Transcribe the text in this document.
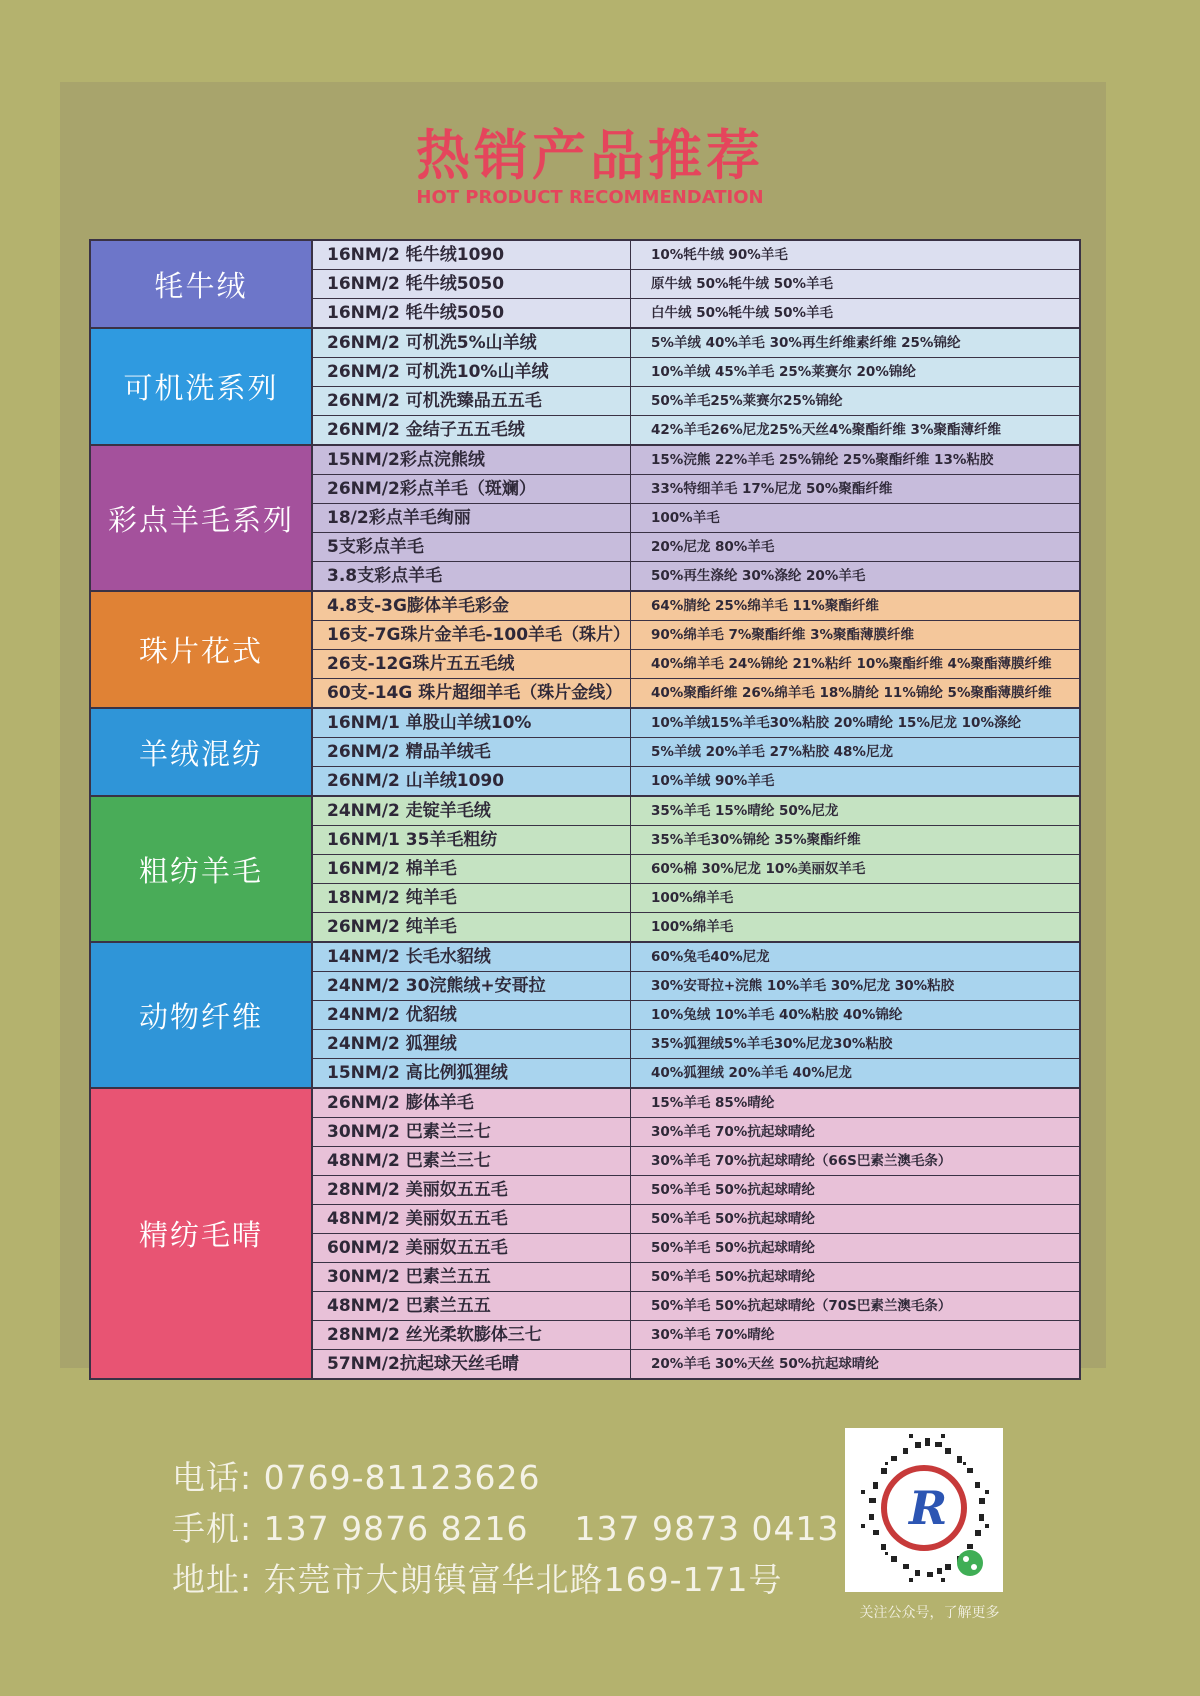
热销产品推荐
HOT PRODUCT RECOMMENDATION
牦牛绒
16NM/2 牦牛绒1090	10%牦牛绒 90%羊毛
16NM/2 牦牛绒5050	原牛绒 50%牦牛绒 50%羊毛
16NM/2 牦牛绒5050	白牛绒 50%牦牛绒 50%羊毛
可机洗系列
26NM/2 可机洗5%山羊绒	5%羊绒 40%羊毛 30%再生纤维素纤维 25%锦纶
26NM/2 可机洗10%山羊绒	10%羊绒 45%羊毛 25%莱赛尔 20%锦纶
26NM/2 可机洗臻品五五毛	50%羊毛25%莱赛尔25%锦纶
26NM/2 金结子五五毛绒	42%羊毛26%尼龙25%天丝4%聚酯纤维 3%聚酯薄纤维
彩点羊毛系列
15NM/2彩点浣熊绒	15%浣熊 22%羊毛 25%锦纶 25%聚酯纤维 13%粘胶
26NM/2彩点羊毛（斑斓）	33%特细羊毛 17%尼龙 50%聚酯纤维
18/2彩点羊毛绚丽	100%羊毛
5支彩点羊毛	20%尼龙 80%羊毛
3.8支彩点羊毛	50%再生涤纶 30%涤纶 20%羊毛
珠片花式
4.8支-3G膨体羊毛彩金	64%腈纶 25%绵羊毛 11%聚酯纤维
16支-7G珠片金羊毛-100羊毛（珠片）	90%绵羊毛 7%聚酯纤维 3%聚酯薄膜纤维
26支-12G珠片五五毛绒	40%绵羊毛 24%锦纶 21%粘纤 10%聚酯纤维 4%聚酯薄膜纤维
60支-14G 珠片超细羊毛（珠片金线）	40%聚酯纤维 26%绵羊毛 18%腈纶 11%锦纶 5%聚酯薄膜纤维
羊绒混纺
16NM/1 单股山羊绒10%	10%羊绒15%羊毛30%粘胶 20%晴纶 15%尼龙 10%涤纶
26NM/2 精品羊绒毛	5%羊绒 20%羊毛 27%粘胶 48%尼龙
26NM/2 山羊绒1090	10%羊绒 90%羊毛
粗纺羊毛
24NM/2 走锭羊毛绒	35%羊毛 15%晴纶 50%尼龙
16NM/1 35羊毛粗纺	35%羊毛30%锦纶 35%聚酯纤维
16NM/2 棉羊毛	60%棉 30%尼龙 10%美丽奴羊毛
18NM/2 纯羊毛	100%绵羊毛
26NM/2 纯羊毛	100%绵羊毛
动物纤维
14NM/2 长毛水貂绒	60%兔毛40%尼龙
24NM/2 30浣熊绒+安哥拉	30%安哥拉+浣熊 10%羊毛 30%尼龙 30%粘胶
24NM/2 优貂绒	10%兔绒 10%羊毛 40%粘胶 40%锦纶
24NM/2 狐狸绒	35%狐狸绒5%羊毛30%尼龙30%粘胶
15NM/2 高比例狐狸绒	40%狐狸绒 20%羊毛 40%尼龙
精纺毛晴
26NM/2 膨体羊毛	15%羊毛 85%晴纶
30NM/2 巴素兰三七	30%羊毛 70%抗起球晴纶
48NM/2 巴素兰三七	30%羊毛 70%抗起球晴纶（66S巴素兰澳毛条）
28NM/2 美丽奴五五毛	50%羊毛 50%抗起球晴纶
48NM/2 美丽奴五五毛	50%羊毛 50%抗起球晴纶
60NM/2 美丽奴五五毛	50%羊毛 50%抗起球晴纶
30NM/2 巴素兰五五	50%羊毛 50%抗起球晴纶
48NM/2 巴素兰五五	50%羊毛 50%抗起球晴纶（70S巴素兰澳毛条）
28NM/2 丝光柔软膨体三七	30%羊毛 70%晴纶
57NM/2抗起球天丝毛晴	20%羊毛 30%天丝 50%抗起球晴纶
电话: 0769-81123626
手机: 137 9876 8216    137 9873 0413
地址: 东莞市大朗镇富华北路169-171号
R
关注公众号，了解更多
